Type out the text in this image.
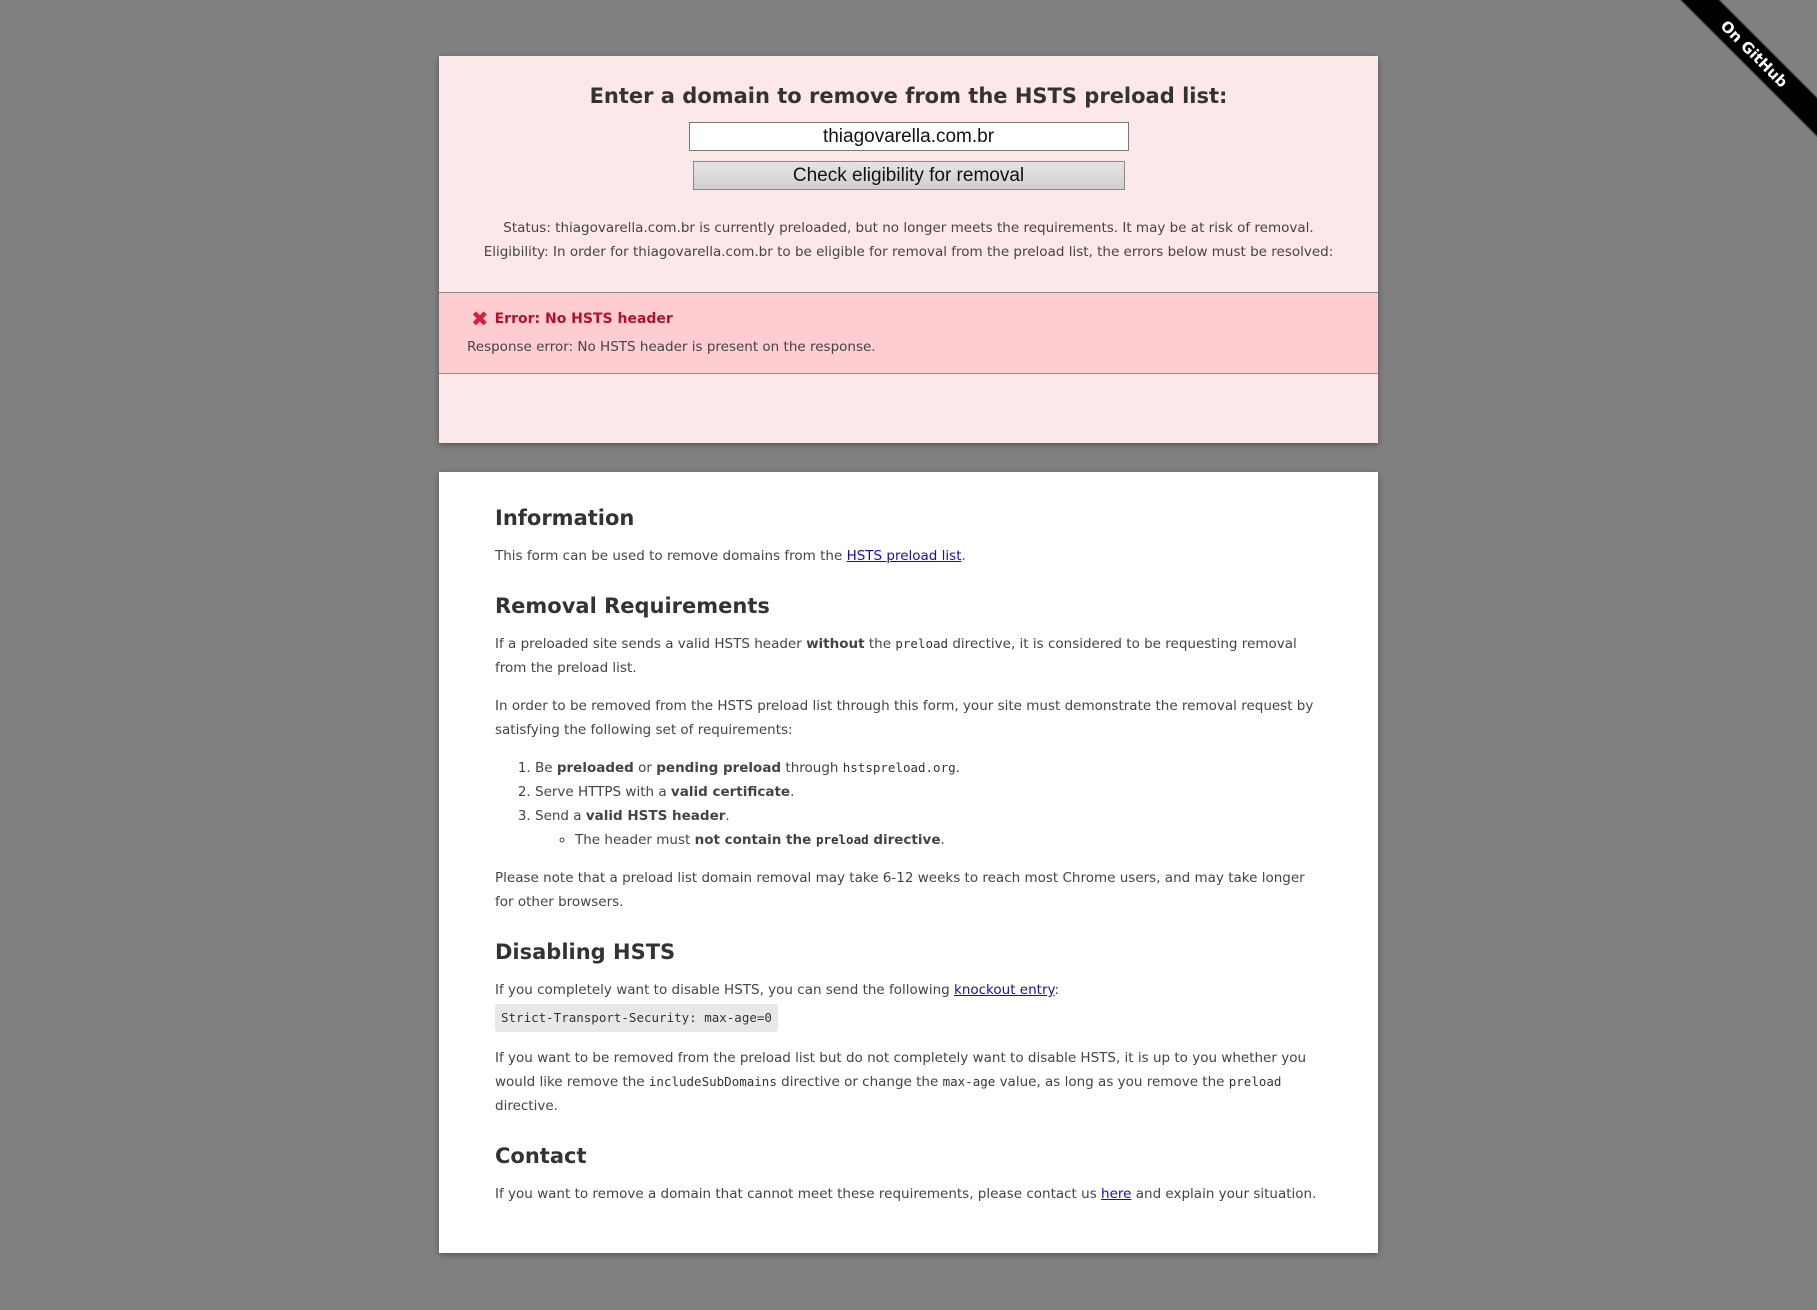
On GitHub
Enter a domain to remove from the HSTS preload list:
thiagovarella.com.br
Check eligibility for removal

Status: thiagovarella.com.br is currently preloaded, but no longer meets the requirements. It may be at risk of removal.

Eligibility: In order for thiagovarella.com.br to be eligible for removal from the preload list, the errors below must be resolved:

✖ Error: No HSTS header
Response error: No HSTS header is present on the response.
Information

This form can be used to remove domains from the HSTS preload list.

Removal Requirements

If a preloaded site sends a valid HSTS header without the preload directive, it is considered to be requesting removal from the preload list.

In order to be removed from the HSTS preload list through this form, your site must demonstrate the removal request by satisfying the following set of requirements:

1. Be preloaded or pending preload through hstspreload.org.
2. Serve HTTPS with a valid certificate.
3. Send a valid HSTS header.
◦ The header must not contain the preload directive.

Please note that a preload list domain removal may take 6-12 weeks to reach most Chrome users, and may take longer for other browsers.

Disabling HSTS

If you completely want to disable HSTS, you can send the following knockout entry:
Strict-Transport-Security: max-age=0

If you want to be removed from the preload list but do not completely want to disable HSTS, it is up to you whether you would like remove the includeSubDomains directive or change the max-age value, as long as you remove the preload directive.

Contact

If you want to remove a domain that cannot meet these requirements, please contact us here and explain your situation.
